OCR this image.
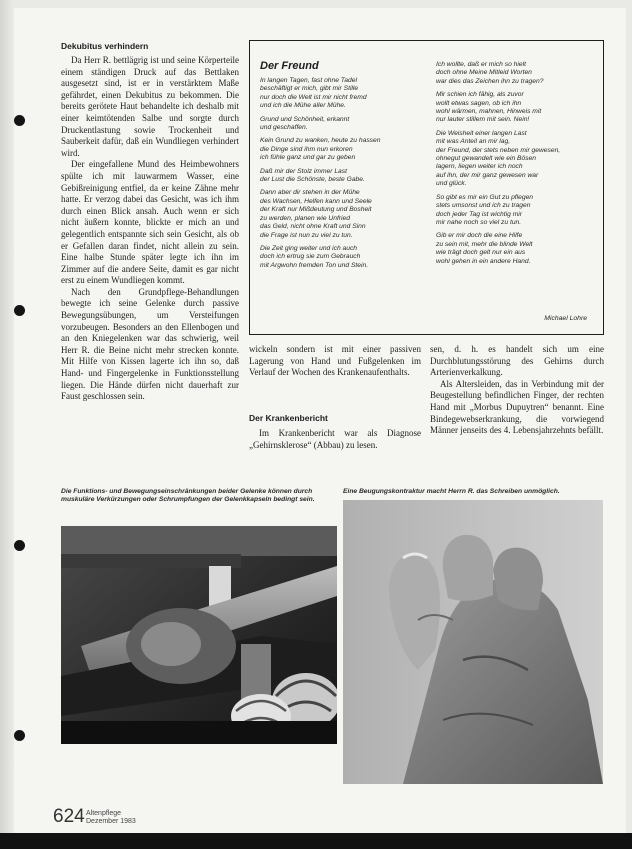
Dekubitus verhindern

Da Herr R. bettlägrig ist und seine Körperteile einem ständigen Druck auf das Bettlaken ausgesetzt sind, ist er in verstärktem Maße gefährdet, einen Dekubitus zu bekommen. Die bereits gerötete Haut behandelte ich deshalb mit einer keimtötenden Salbe und sorgte durch Druckentlastung sowie Trockenheit und Sauberkeit dafür, daß ein Wundliegen verhindert wird.

Der eingefallene Mund des Heimbewohners spülte ich mit lauwarmem Wasser, eine Gebißreinigung entfiel, da er keine Zähne mehr hatte. Er verzog dabei das Gesicht, was ich ihm durch einen Blick ansah. Auch wenn er sich nicht äußern konnte, blickte er mich an und gelegentlich entspannte sich sein Gesicht, als ob er Gefallen daran findet, nicht allein zu sein. Eine halbe Stunde später legte ich ihn im Zimmer auf die andere Seite, damit es gar nicht erst zu einem Wundliegen kommt.

Nach den Grundpflege-Behandlungen bewegte ich seine Gelenke durch passive Bewegungsübungen, um Versteifungen vorzubeugen. Besonders an den Ellenbogen und an den Kniegelenken war das schwierig, weil Herr R. die Beine nicht mehr strecken konnte. Mit Hilfe von Kissen lagerte ich ihn so, daß Hand- und Fingergelenke in Funktionsstellung liegen. Die Hände dürfen nicht dauerhaft zur Faust geschlossen sein.

Der Freund

In langen Tagen, fast ohne Tadel
beschäftigt er mich, gibt mir Stille
nur doch die Welt ist mir nicht fremd
und ich die Mühe aller Mühe.

Grund und Schönheit, erkannt
und geschaffen.

Kein Grund zu wanken, heute zu hassen
die Dinge sind ihm nun erkoren
ich fühle ganz und gar zu geben

Daß mir der Stolz immer Last
der Lust die Schönste, beste Gabe.

Dann aber dir stehen in der Mühe
des Wachsen, Helfen kann und Seele
der Kraft nur Mißdeutung und Bosheit
zu werden, planen wie Unfried
das Geld, nicht ohne Kraft und Sinn
die Frage ist nun zu viel zu tun.

Die Zeit ging weiter und ich auch
doch ich ertrug sie zum Gebrauch
mit Argwohn fremden Ton und Stein.

Ich wollte, daß er mich so hielt
doch ohne Meine Mitleid Worten
war dies das Zeichen ihn zu tragen?

Mir schien ich fähig, als zuvor
wollt etwas sagen, ob ich ihn
wohl wärmen, mahnen, Hinweis mit
nur lauter stillem mit sein. Nein!

Die Weisheit einer langen Last
mit was Anteil an mir lag,
der Freund, der stets neben mir gewesen,
ohnegut gewandelt wie ein Bösen
lagern, liegen weiter ich noch
auf ihn, der mir ganz gewesen war
und glück.

So gibt es mir ein Gut zu pflegen
stets umsonst und ich zu tragen
doch jeder Tag ist wichtig mir
mir nahe noch so viel zu tun.

Gib er mir doch die eine Hilfe
zu sein mit, mehr die blinde Welt
wie trägt doch gelt nur ein aus
wohl gehen in ein andere Hand.

Michael Lohre

wickeln sondern ist mit einer passiven Lagerung von Hand und Fußgelenken im Verlauf der Wochen des Krankenaufenthalts.

Der Krankenbericht

Im Krankenbericht war als Diagnose „Gehirnsklerose“ (Abbau) zu lesen.

sen, d. h. es handelt sich um eine Durchblutungsstörung des Gehirns durch Arterienverkalkung.

Als Altersleiden, das in Verbindung mit der Beugestellung befindlichen Finger, der rechten Hand mit „Morbus Dupuytren“ benannt. Eine Bindegewebserkrankung, die vorwiegend Männer jenseits des 4. Lebensjahrzehnts befällt.

Die Funktions- und Bewegungseinschränkungen beider Gelenke können durch muskuläre Verkürzungen oder Schrumpfungen der Gelenkkapseln bedingt sein.

Eine Beugungskontraktur macht Herrn R. das Schreiben unmöglich.

624 Altenpflege
Dezember 1983
